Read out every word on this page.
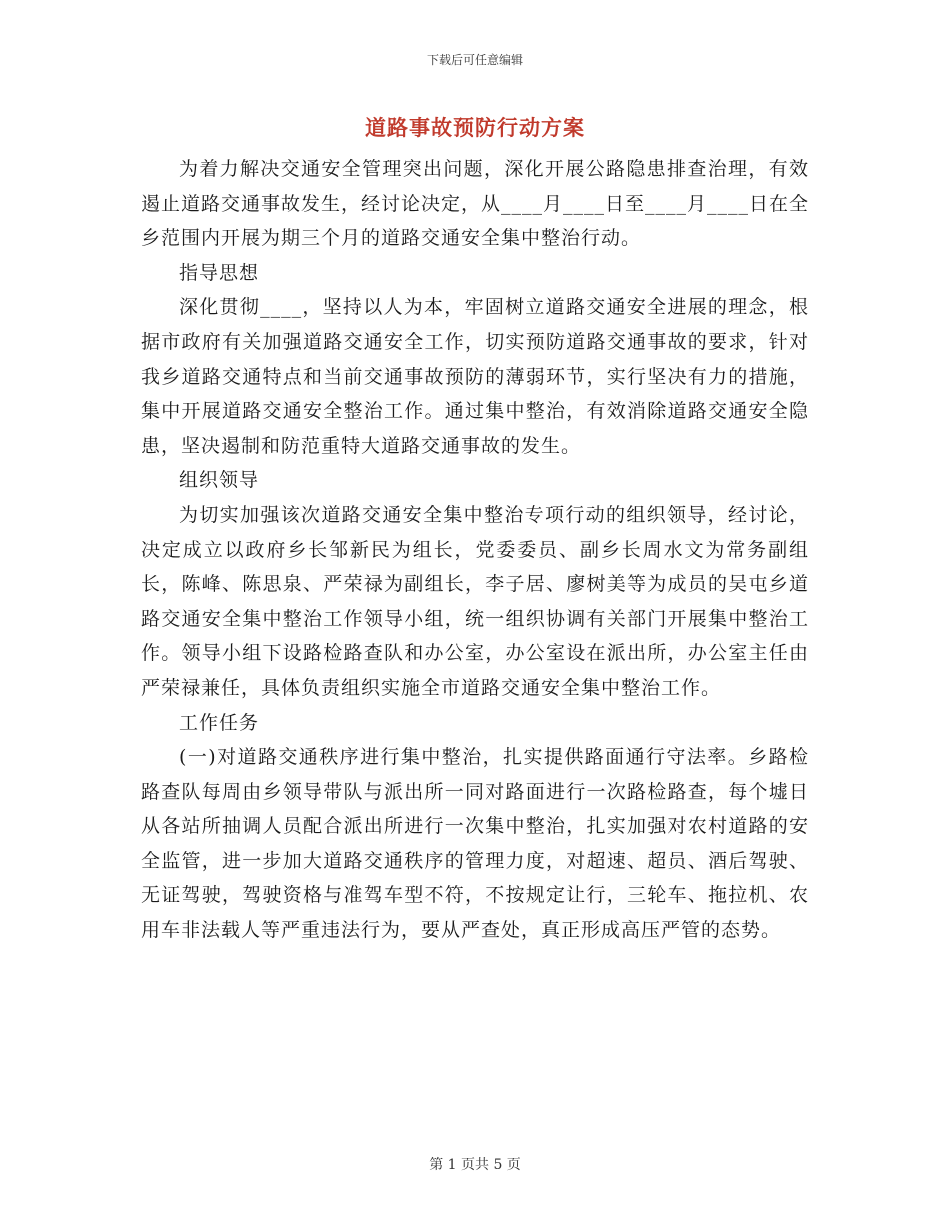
下载后可任意编辑
道路事故预防行动方案

为着力解决交通安全管理突出问题，深化开展公路隐患排查治理，有效遏止道路交通事故发生，经讨论决定，从____月____日至____月____日在全乡范围内开展为期三个月的道路交通安全集中整治行动。

指导思想

深化贯彻____，坚持以人为本，牢固树立道路交通安全进展的理念，根据市政府有关加强道路交通安全工作，切实预防道路交通事故的要求，针对我乡道路交通特点和当前交通事故预防的薄弱环节，实行坚决有力的措施，集中开展道路交通安全整治工作。通过集中整治，有效消除道路交通安全隐患，坚决遏制和防范重特大道路交通事故的发生。

组织领导

为切实加强该次道路交通安全集中整治专项行动的组织领导，经讨论，决定成立以政府乡长邹新民为组长，党委委员、副乡长周水文为常务副组长，陈峰、陈思泉、严荣禄为副组长，李子居、廖树美等为成员的吴屯乡道路交通安全集中整治工作领导小组，统一组织协调有关部门开展集中整治工作。领导小组下设路检路查队和办公室，办公室设在派出所，办公室主任由严荣禄兼任，具体负责组织实施全市道路交通安全集中整治工作。

工作任务

(一)对道路交通秩序进行集中整治，扎实提供路面通行守法率。乡路检路查队每周由乡领导带队与派出所一同对路面进行一次路检路查，每个墟日从各站所抽调人员配合派出所进行一次集中整治，扎实加强对农村道路的安全监管，进一步加大道路交通秩序的管理力度，对超速、超员、酒后驾驶、无证驾驶，驾驶资格与准驾车型不符，不按规定让行，三轮车、拖拉机、农用车非法载人等严重违法行为，要从严查处，真正形成高压严管的态势。

第 1 页共 5 页
